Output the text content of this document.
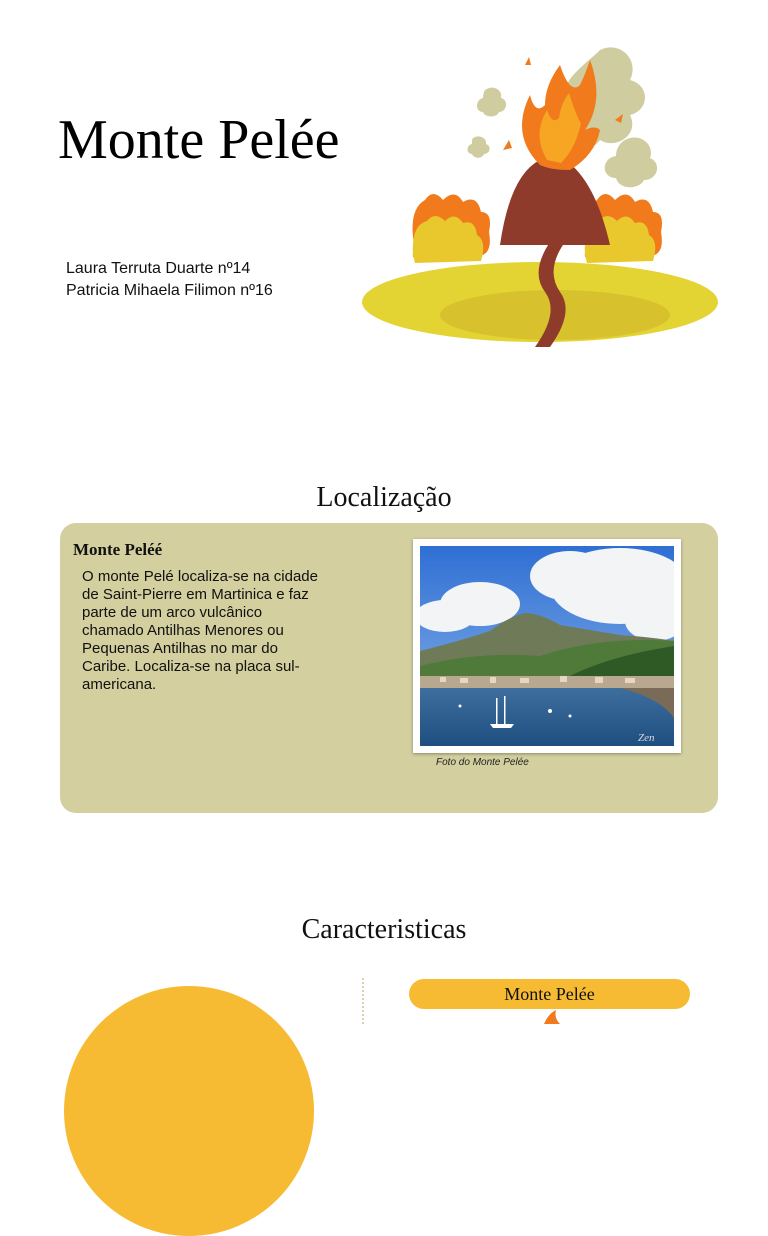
Monte Pelée
Laura Terruta Duarte nº14
Patricia Mihaela Filimon nº16
Localização
Monte Peléé
O monte Pelé localiza-se na cidade de Saint-Pierre em Martinica e faz parte de um arco vulcânico chamado Antilhas Menores ou Pequenas Antilhas no mar do Caribe. Localiza-se na placa sul-americana.
Zen
Foto do Monte Pelée
Caracteristicas
Monte Pelée
